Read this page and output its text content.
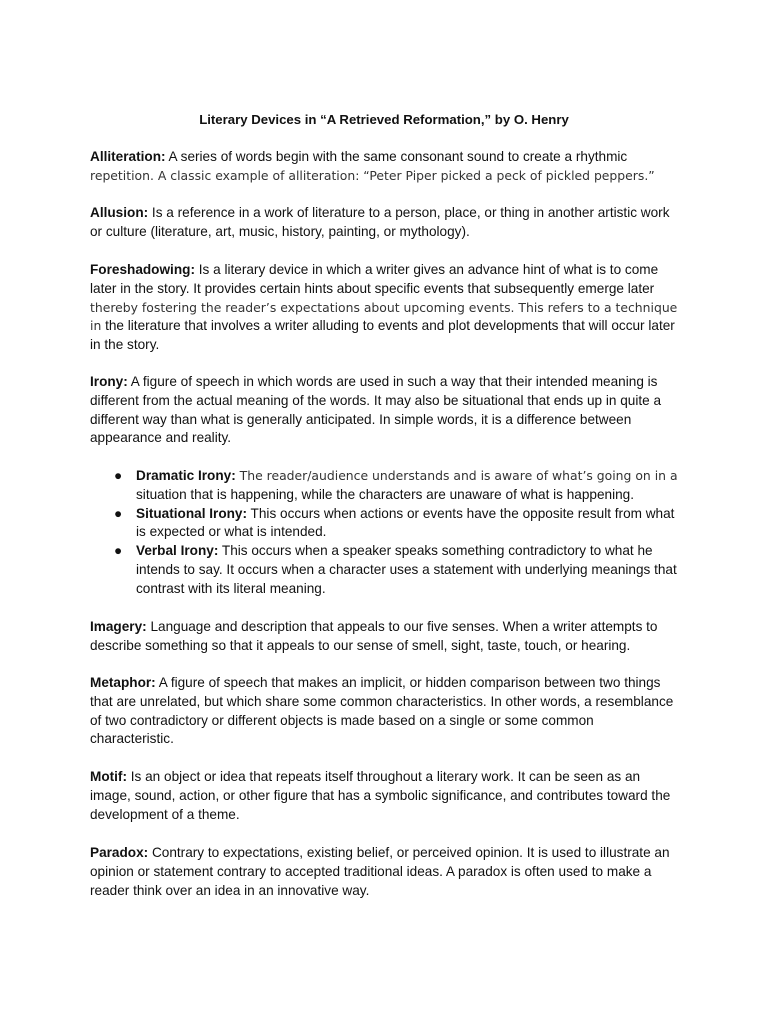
Literary Devices in “A Retrieved Reformation,” by O. Henry

Alliteration: A series of words begin with the same consonant sound to create a rhythmic repetition. A classic example of alliteration: “Peter Piper picked a peck of pickled peppers.”

Allusion: Is a reference in a work of literature to a person, place, or thing in another artistic work or culture (literature, art, music, history, painting, or mythology).

Foreshadowing: Is a literary device in which a writer gives an advance hint of what is to come later in the story. It provides certain hints about specific events that subsequently emerge later thereby fostering the reader’s expectations about upcoming events. This refers to a technique in the literature that involves a writer alluding to events and plot developments that will occur later in the story.

Irony: A figure of speech in which words are used in such a way that their intended meaning is different from the actual meaning of the words. It may also be situational that ends up in quite a different way than what is generally anticipated. In simple words, it is a difference between appearance and reality.

● Dramatic Irony: The reader/audience understands and is aware of what’s going on in a situation that is happening, while the characters are unaware of what is happening.
● Situational Irony: This occurs when actions or events have the opposite result from what is expected or what is intended.
● Verbal Irony: This occurs when a speaker speaks something contradictory to what he intends to say. It occurs when a character uses a statement with underlying meanings that contrast with its literal meaning.

Imagery: Language and description that appeals to our five senses. When a writer attempts to describe something so that it appeals to our sense of smell, sight, taste, touch, or hearing.

Metaphor: A figure of speech that makes an implicit, or hidden comparison between two things that are unrelated, but which share some common characteristics. In other words, a resemblance of two contradictory or different objects is made based on a single or some common characteristic.

Motif: Is an object or idea that repeats itself throughout a literary work. It can be seen as an image, sound, action, or other figure that has a symbolic significance, and contributes toward the development of a theme.

Paradox: Contrary to expectations, existing belief, or perceived opinion. It is used to illustrate an opinion or statement contrary to accepted traditional ideas. A paradox is often used to make a reader think over an idea in an innovative way.
